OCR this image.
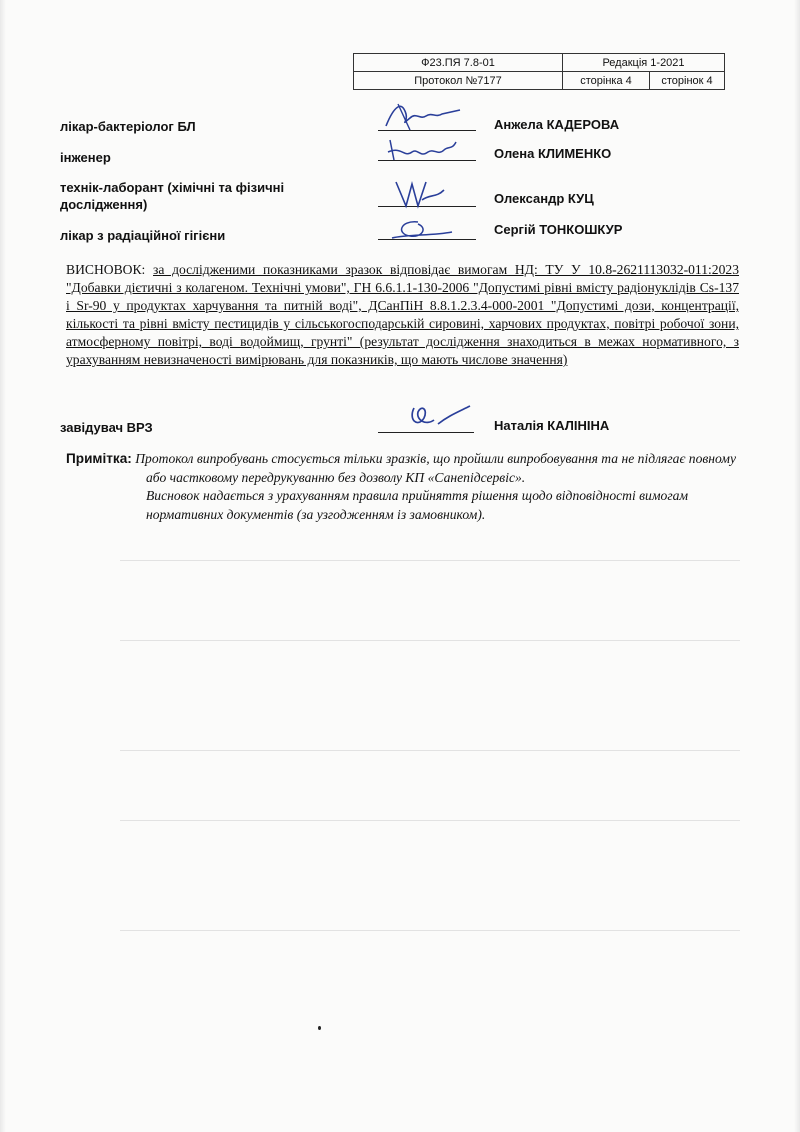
Ф23.ПЯ 7.8-01	Редакція 1-2021	
Протокол №7177	сторінка 4	сторінок 4
лікар-бактеріолог БЛ	Анжела КАДЕРОВА
інженер	Олена КЛИМЕНКО
технік-лаборант (хімічні та фізичні дослідження)	Олександр КУЦ
лікар з радіаційної гігієни	Сергій ТОНКОШКУР
ВИСНОВОК: за дослідженими показниками зразок відповідає вимогам НД: ТУ У 10.8-2621113032-011:2023 "Добавки дієтичні з колагеном. Технічні умови", ГН 6.6.1.1-130-2006 "Допустимі рівні вмісту радіонуклідів Cs-137 і Sr-90 у продуктах харчування та питній воді", ДСанПіН 8.8.1.2.3.4-000-2001 "Допустимі дози, концентрації, кількості та рівні вмісту пестицидів у сільськогосподарській сировині, харчових продуктах, повітрі робочої зони, атмосферному повітрі, воді водоймищ, грунті" (результат дослідження знаходиться в межах нормативного, з урахуванням невизначеності вимірювань для показників, що мають числове значення)
завідувач ВРЗ	Наталія КАЛІНІНА
Примітка: Протокол випробувань стосується тільки зразків, що пройшли випробовування та не підлягає повному або частковому передрукуванню без дозволу КП «Санепідсервіс».
Висновок надається з урахуванням правила прийняття рішення щодо відповідності вимогам нормативних документів (за узгодженням із замовником).
